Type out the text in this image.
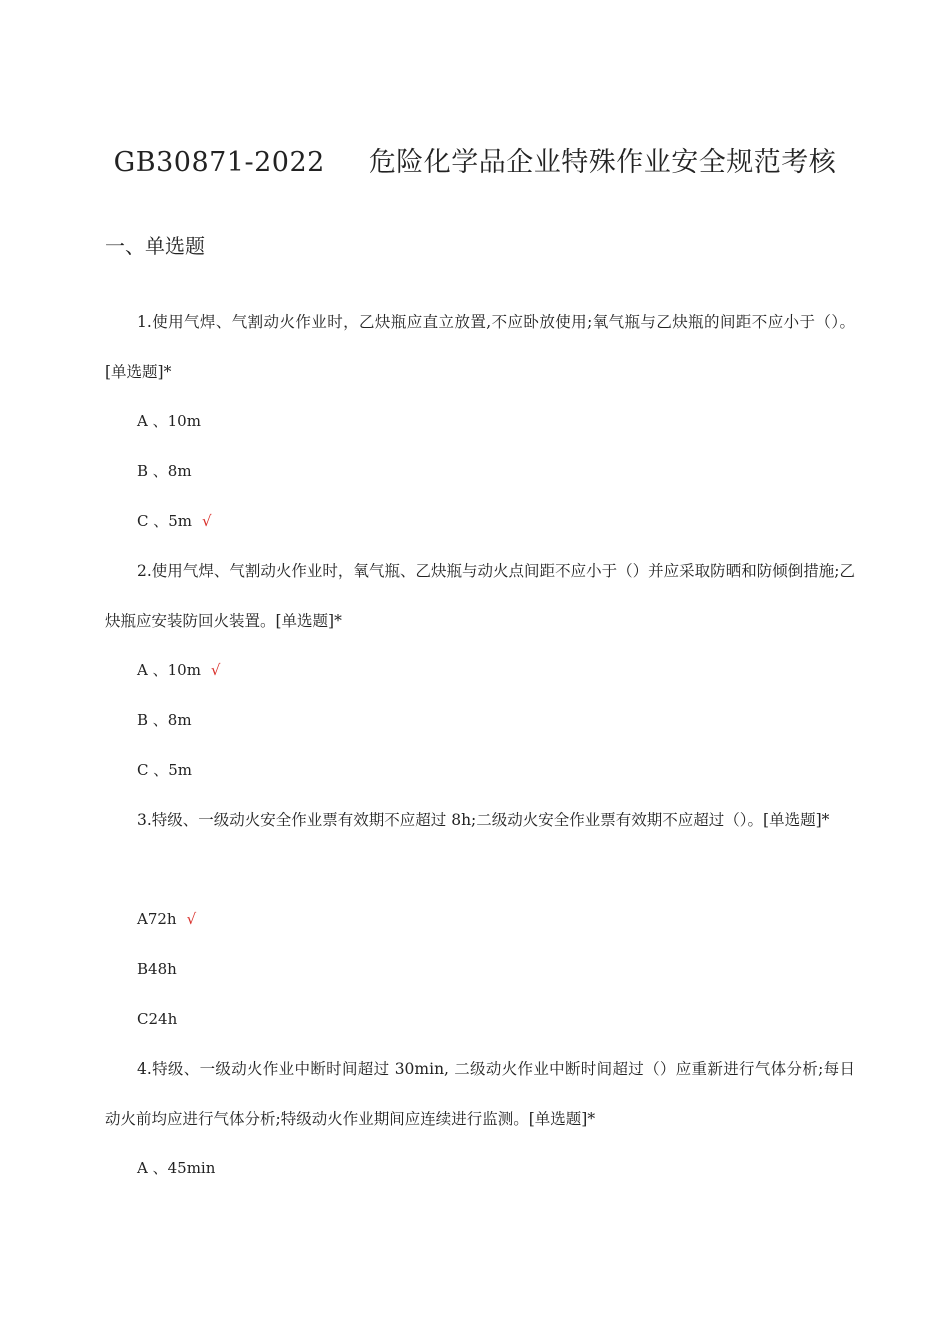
GB30871-2022 危险化学品企业特殊作业安全规范考核
一、单选题

1.使用气焊、气割动火作业时，乙炔瓶应直立放置,不应卧放使用;氧气瓶与乙炔瓶的间距不应小于（）。[单选题]*

A 、10m
B 、8m
C 、5m √

2.使用气焊、气割动火作业时，氧气瓶、乙炔瓶与动火点间距不应小于（）并应采取防晒和防倾倒措施;乙炔瓶应安装防回火装置。[单选题]*

A 、10m √
B 、8m
C 、5m

3.特级、一级动火安全作业票有效期不应超过 8h;二级动火安全作业票有效期不应超过（）。[单选题]*

A72h √
B48h
C24h

4.特级、一级动火作业中断时间超过 30min, 二级动火作业中断时间超过（）应重新进行气体分析;每日动火前均应进行气体分析;特级动火作业期间应连续进行监测。[单选题]*

A 、45min
